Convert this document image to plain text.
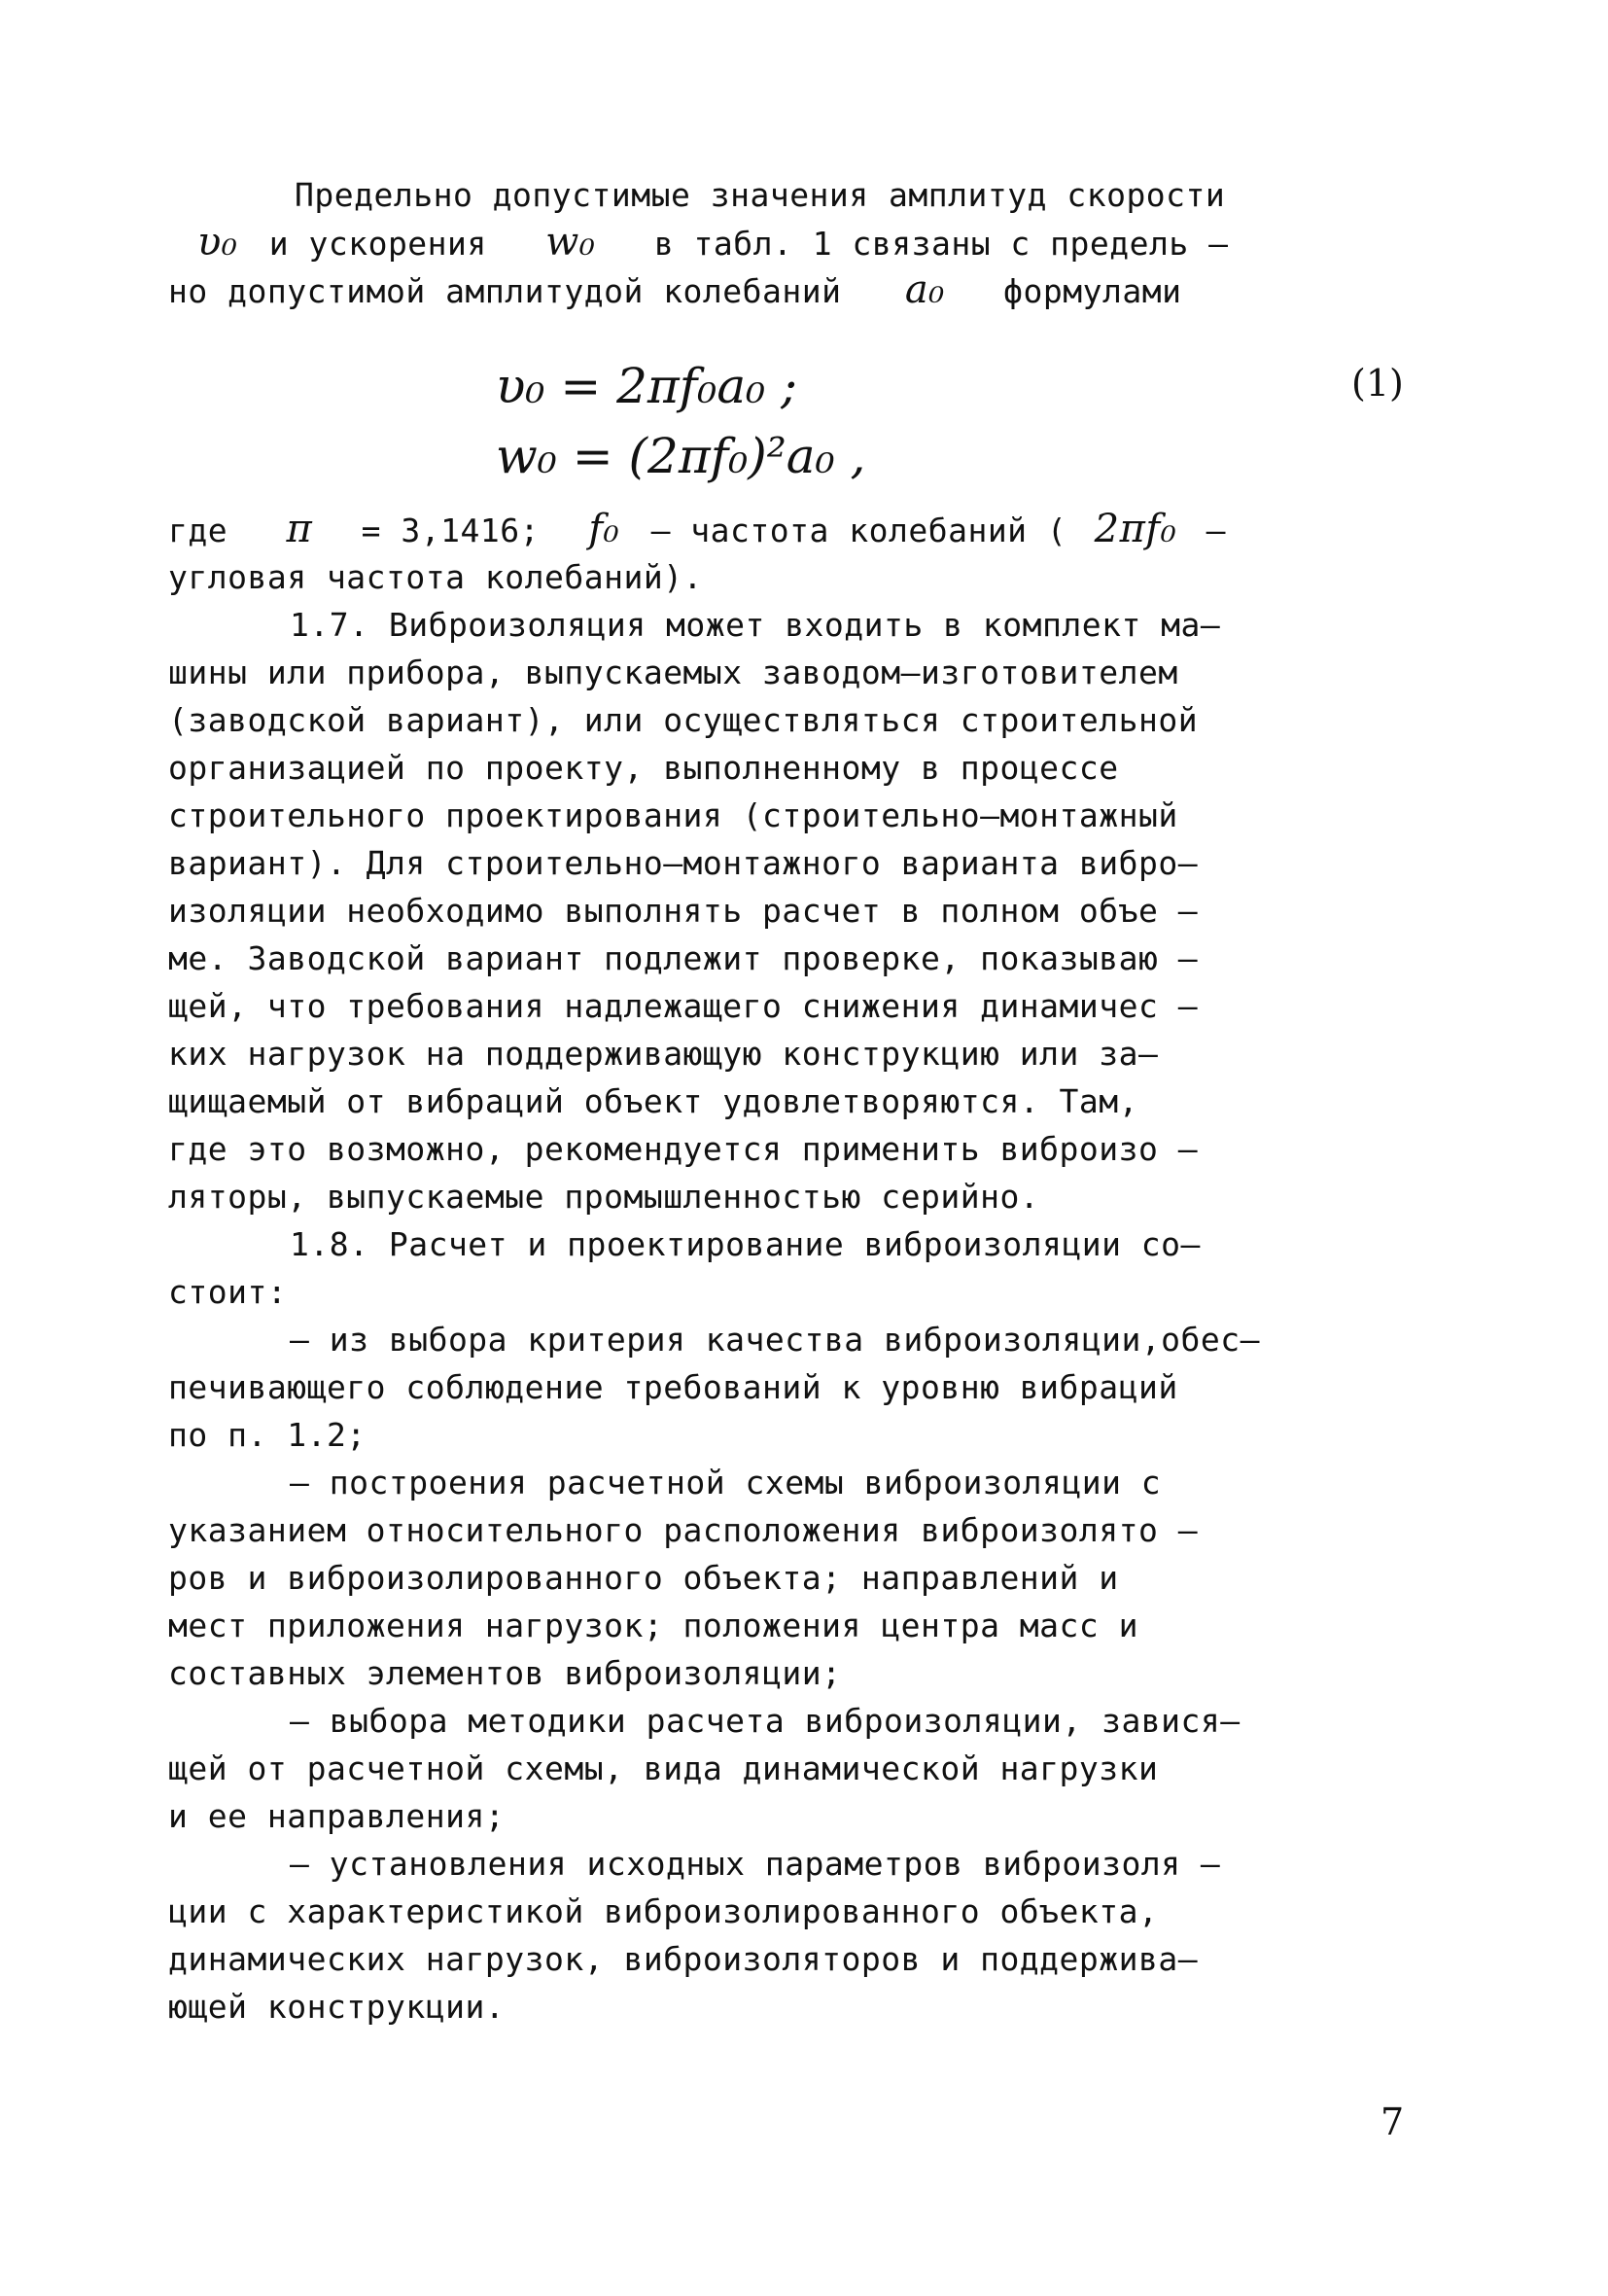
Предельно допустимые значения амплитуд скорости
υ₀ и ускорения w₀ в табл. 1 связаны с предель –
но допустимой амплитудой колебаний a₀ формулами
υ₀ = 2πf₀a₀ ;
w₀ = (2πf₀)²a₀ ,
(1)
где π = 3,1416; f₀ – частота колебаний ( 2πf₀ –
угловая частота колебаний).
1.7. Виброизоляция может входить в комплект ма–
шины или прибора, выпускаемых заводом–изготовителем
(заводской вариант), или осуществляться строительной
организацией по проекту, выполненному в процессе
строительного проектирования (строительно–монтажный
вариант). Для строительно–монтажного варианта вибро–
изоляции необходимо выполнять расчет в полном объе –
ме. Заводской вариант подлежит проверке, показываю –
щей, что требования надлежащего снижения динамичес –
ких нагрузок на поддерживающую конструкцию или за–
щищаемый от вибраций объект удовлетворяются. Там,
где это возможно, рекомендуется применить виброизо –
ляторы, выпускаемые промышленностью серийно.
1.8. Расчет и проектирование виброизоляции со–
стоит:
– из выбора критерия качества виброизоляции,обес–
печивающего соблюдение требований к уровню вибраций
по п. 1.2;
– построения расчетной схемы виброизоляции с
указанием относительного расположения виброизолято –
ров и виброизолированного объекта; направлений и
мест приложения нагрузок; положения центра масс и
составных элементов виброизоляции;
– выбора методики расчета виброизоляции, завися–
щей от расчетной схемы, вида динамической нагрузки
и ее направления;
– установления исходных параметров виброизоля –
ции с характеристикой виброизолированного объекта,
динамических нагрузок, виброизоляторов и поддержива–
ющей конструкции.
7
